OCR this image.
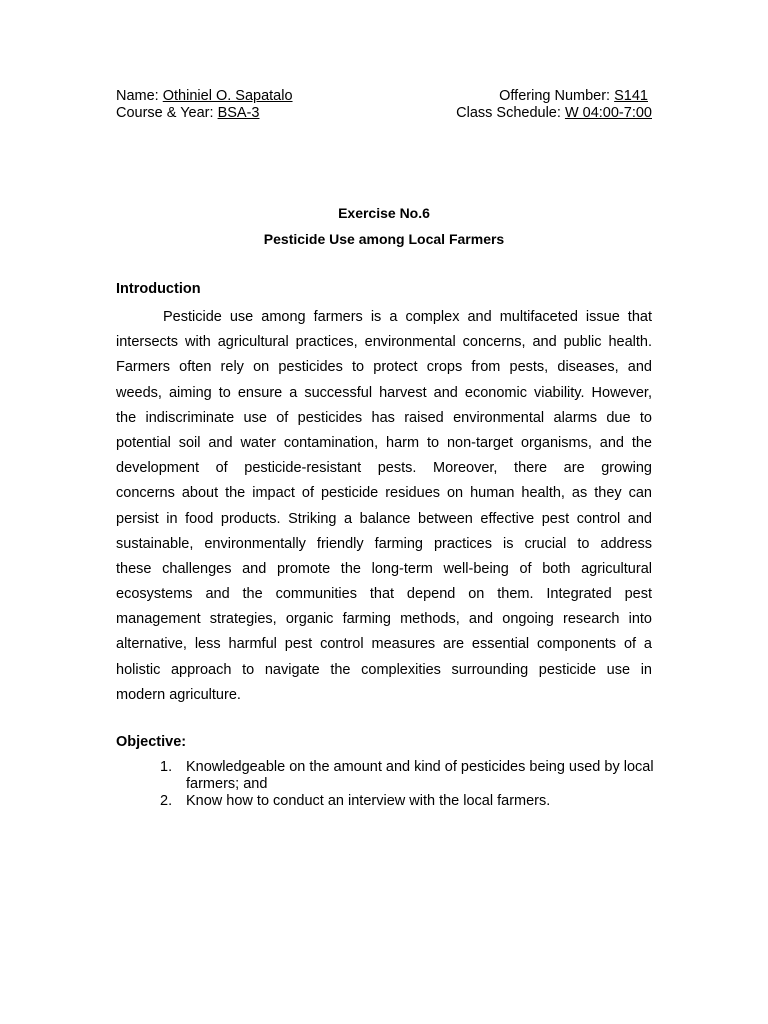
Name: Othiniel O. Sapatalo	Offering Number: S141
Course & Year: BSA-3	Class Schedule: W 04:00-7:00
Exercise No.6
Pesticide Use among Local Farmers
Introduction
Pesticide use among farmers is a complex and multifaceted issue that
intersects with agricultural practices, environmental concerns, and public health.
Farmers often rely on pesticides to protect crops from pests, diseases, and
weeds, aiming to ensure a successful harvest and economic viability. However,
the indiscriminate use of pesticides has raised environmental alarms due to
potential soil and water contamination, harm to non-target organisms, and the
development of pesticide-resistant pests. Moreover, there are growing
concerns about the impact of pesticide residues on human health, as they can
persist in food products. Striking a balance between effective pest control and
sustainable, environmentally friendly farming practices is crucial to address
these challenges and promote the long-term well-being of both agricultural
ecosystems and the communities that depend on them. Integrated pest
management strategies, organic farming methods, and ongoing research into
alternative, less harmful pest control measures are essential components of a
holistic approach to navigate the complexities surrounding pesticide use in
modern agriculture.
Objective:
1. Knowledgeable on the amount and kind of pesticides being used by local farmers; and
2. Know how to conduct an interview with the local farmers.
